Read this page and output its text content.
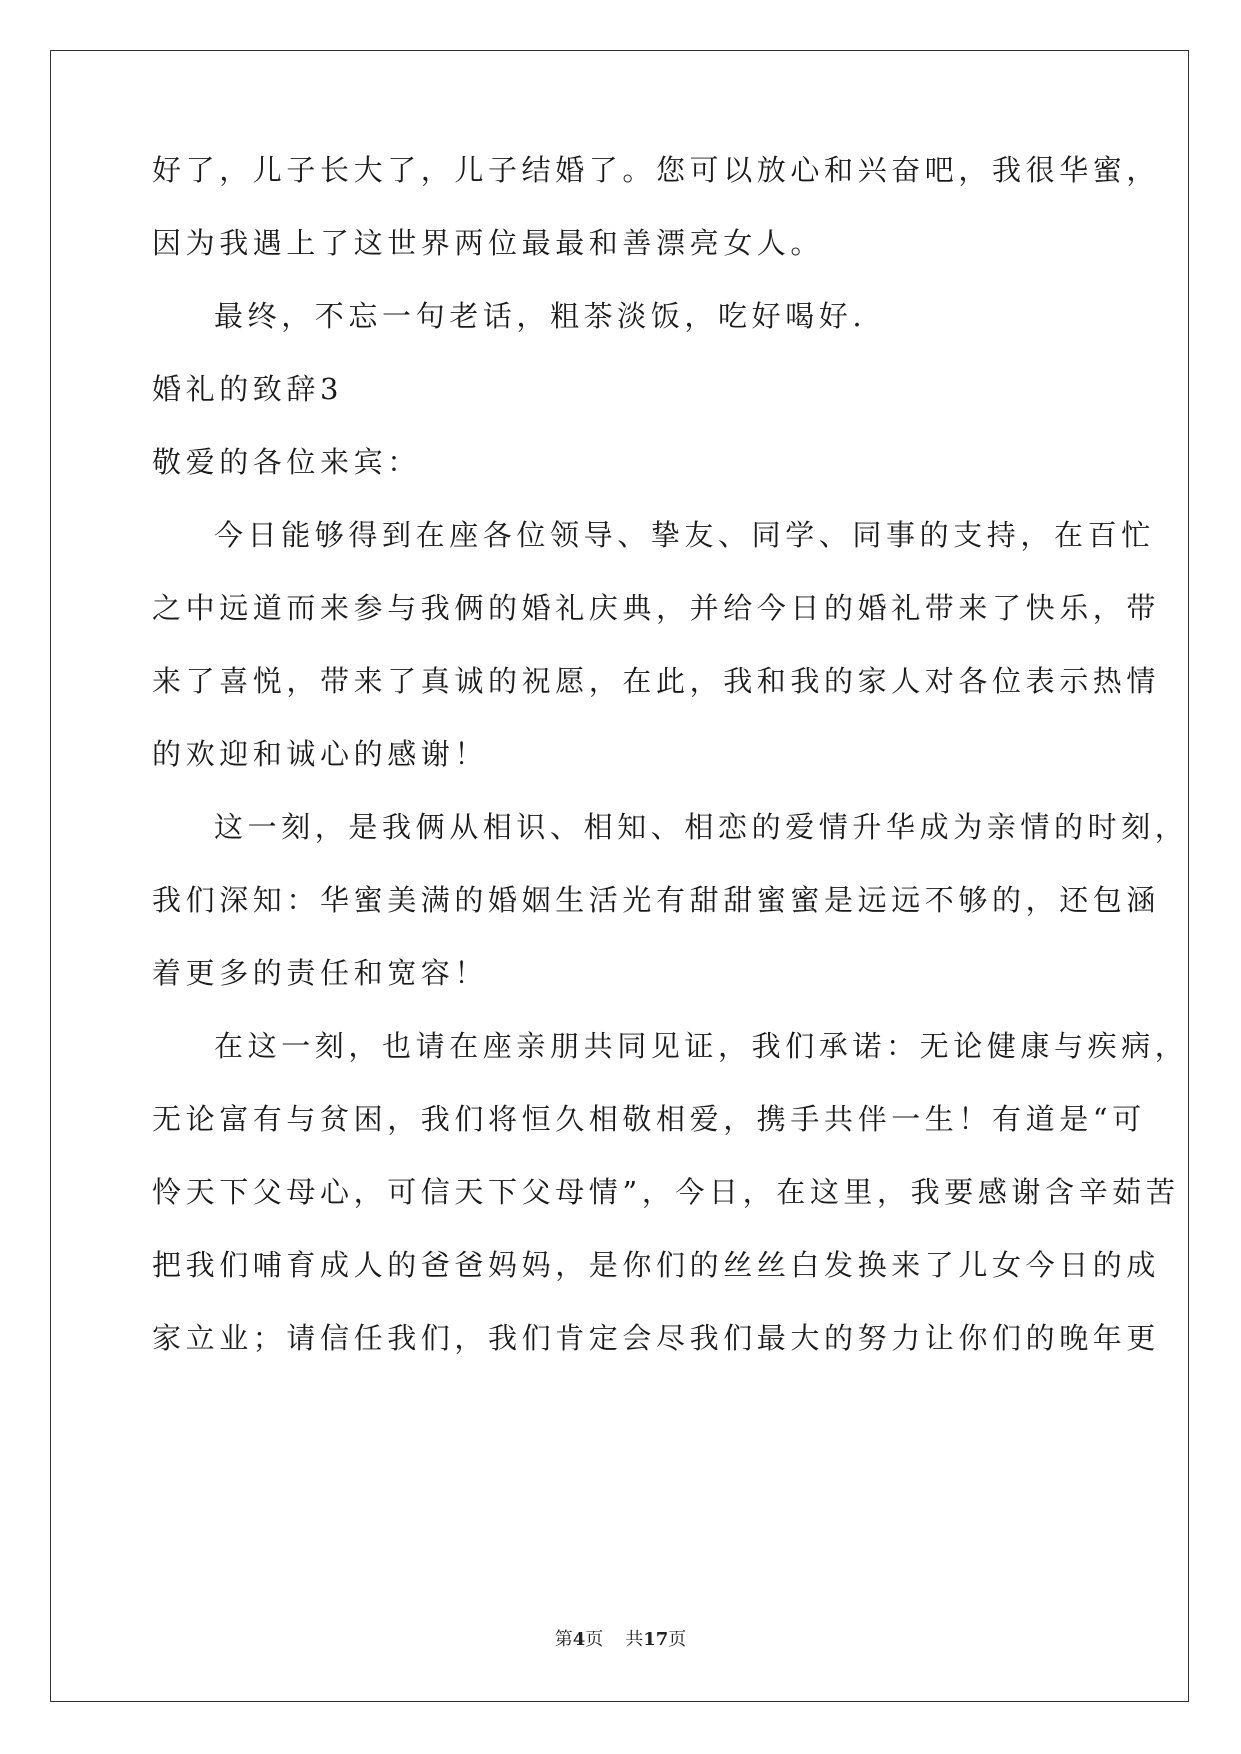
好了，儿子长大了，儿子结婚了。您可以放心和兴奋吧，我很华蜜，
因为我遇上了这世界两位最最和善漂亮女人。
最终，不忘一句老话，粗茶淡饭，吃好喝好.
婚礼的致辞3
敬爱的各位来宾：
今日能够得到在座各位领导、挚友、同学、同事的支持，在百忙
之中远道而来参与我俩的婚礼庆典，并给今日的婚礼带来了快乐，带
来了喜悦，带来了真诚的祝愿，在此，我和我的家人对各位表示热情
的欢迎和诚心的感谢！
这一刻，是我俩从相识、相知、相恋的爱情升华成为亲情的时刻，
我们深知：华蜜美满的婚姻生活光有甜甜蜜蜜是远远不够的，还包涵
着更多的责任和宽容！
在这一刻，也请在座亲朋共同见证，我们承诺：无论健康与疾病，
无论富有与贫困，我们将恒久相敬相爱，携手共伴一生！有道是“可
怜天下父母心，可信天下父母情”，今日，在这里，我要感谢含辛茹苦
把我们哺育成人的爸爸妈妈，是你们的丝丝白发换来了儿女今日的成
家立业；请信任我们，我们肯定会尽我们最大的努力让你们的晚年更
第4页 共17页
